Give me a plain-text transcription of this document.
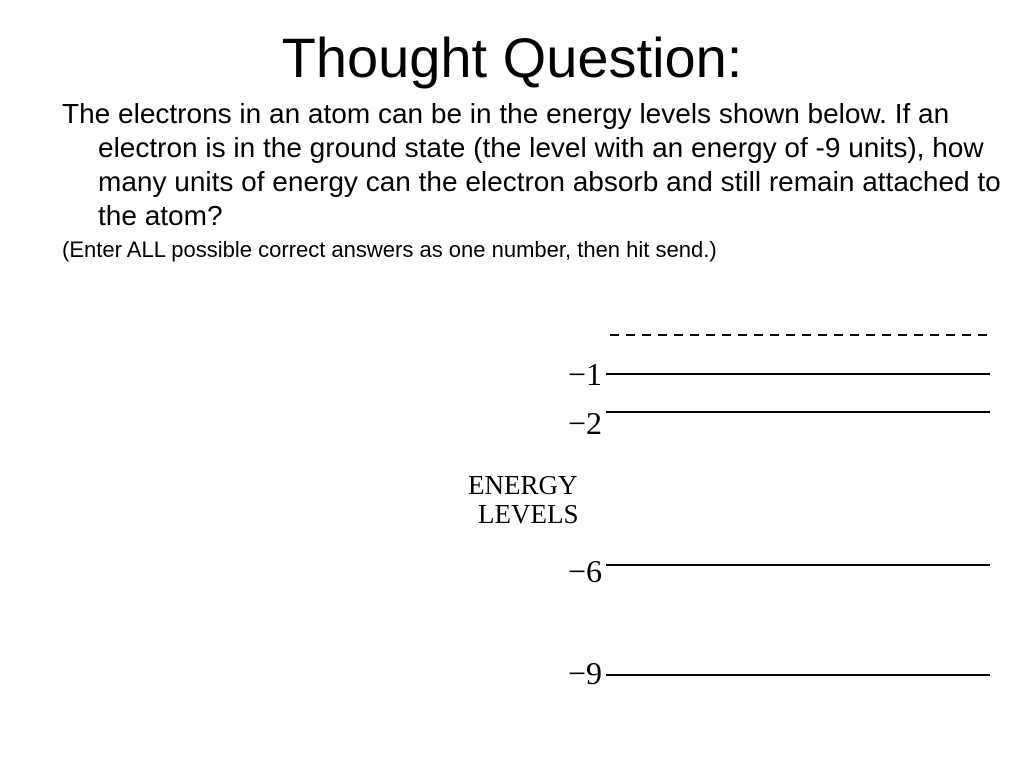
Thought Question:

The electrons in an atom can be in the energy levels shown below. If an electron is in the ground state (the level with an energy of -9 units), how many units of energy can the electron absorb and still remain attached to the atom?

(Enter ALL possible correct answers as one number, then hit send.)

−1
−2
ENERGY
LEVELS
−6
−9
